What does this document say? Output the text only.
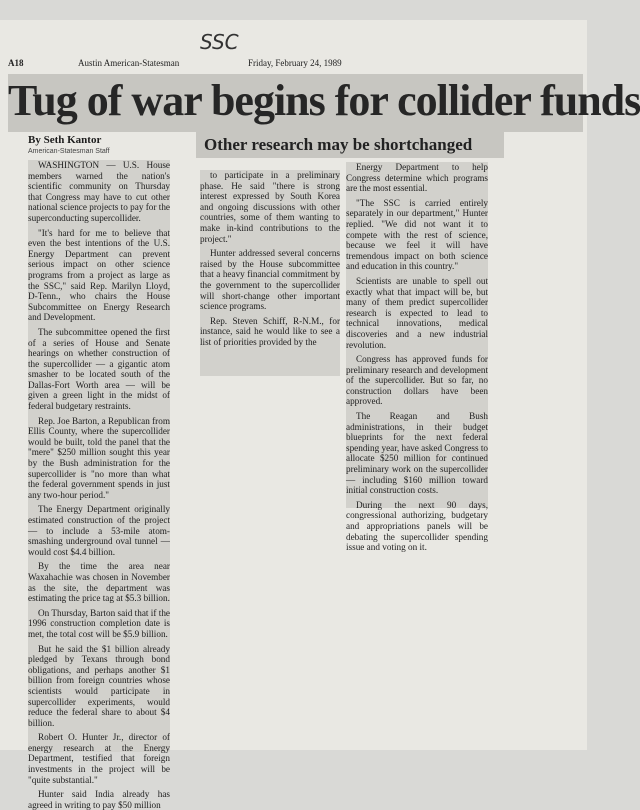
SSC
A18	Austin American-Statesman	Friday, February 24, 1989
Tug of war begins for collider funds
By Seth Kantor
American-Statesman Staff	Other research may be shortchanged

WASHINGTON — U.S. House members warned the nation's scientific community on Thursday that Congress may have to cut other national science projects to pay for the superconducting supercollider.

"It's hard for me to believe that even the best intentions of the U.S. Energy Department can prevent serious impact on other science programs from a project as large as the SSC," said Rep. Marilyn Lloyd, D-Tenn., who chairs the House Subcommittee on Energy Research and Development.

The subcommittee opened the first of a series of House and Senate hearings on whether construction of the supercollider — a gigantic atom smasher to be located south of the Dallas-Fort Worth area — will be given a green light in the midst of federal budgetary restraints.

Rep. Joe Barton, a Republican from Ellis County, where the supercollider would be built, told the panel that the "mere" $250 million sought this year by the Bush administration for the supercollider is "no more than what the federal government spends in just any two-hour period."

The Energy Department originally estimated construction of the project — to include a 53-mile atom-smashing underground oval tunnel — would cost $4.4 billion.

By the time the area near Waxahachie was chosen in November as the site, the department was estimating the price tag at $5.3 billion.

On Thursday, Barton said that if the 1996 construction completion date is met, the total cost will be $5.9 billion.

But he said the $1 billion already pledged by Texans through bond obligations, and perhaps another $1 billion from foreign countries whose scientists would participate in supercollider experiments, would reduce the federal share to about $4 billion.

Robert O. Hunter Jr., director of energy research at the Energy Department, testified that foreign investments in the project will be "quite substantial."

Hunter said India already has agreed in writing to pay $50 million

to participate in a preliminary phase. He said "there is strong interest expressed by South Korea and ongoing discussions with other countries, some of them wanting to make in-kind contributions to the project."

Hunter addressed several concerns raised by the House subcommittee that a heavy financial commitment by the government to the supercollider will short-change other important science programs.

Rep. Steven Schiff, R-N.M., for instance, said he would like to see a list of priorities provided by the

Energy Department to help Congress determine which programs are the most essential.

"The SSC is carried entirely separately in our department," Hunter replied. "We did not want it to compete with the rest of science, because we feel it will have tremendous impact on both science and education in this country."

Scientists are unable to spell out exactly what that impact will be, but many of them predict supercollider research is expected to lead to technical innovations, medical discoveries and a new industrial revolution.

Congress has approved funds for preliminary research and development of the supercollider. But so far, no construction dollars have been approved.

The Reagan and Bush administrations, in their budget blueprints for the next federal spending year, have asked Congress to allocate $250 million for continued preliminary work on the supercollider — including $160 million toward initial construction costs.

During the next 90 days, congressional authorizing, budgetary and appropriations panels will be debating the supercollider spending issue and voting on it.
